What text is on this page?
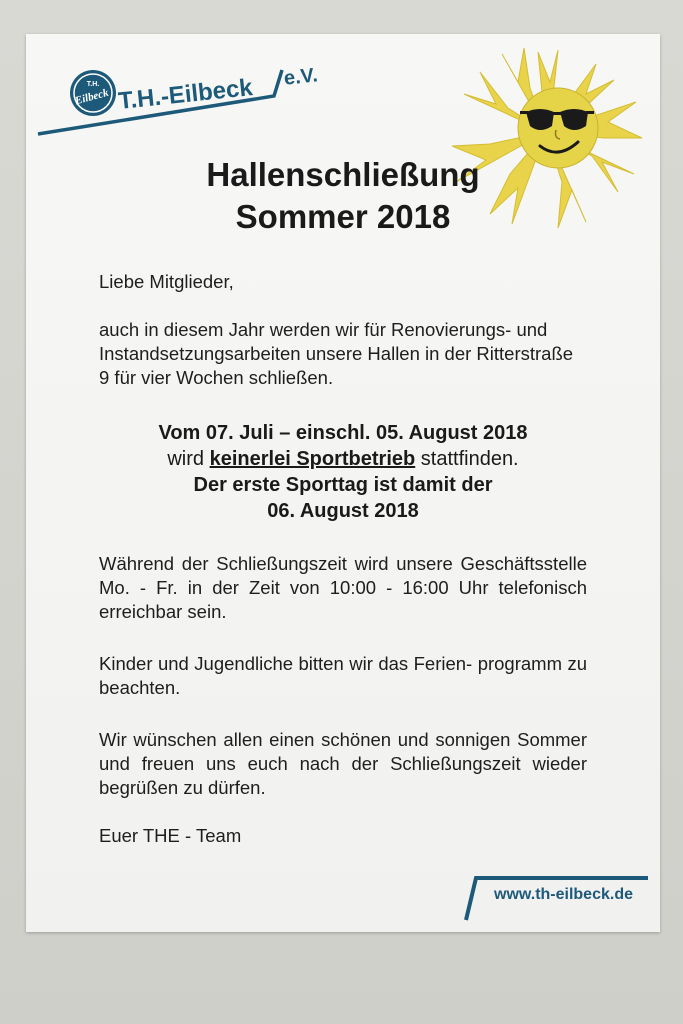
T.H.
Eilbeck T.H.-Eilbeck e.V.
Hallenschließung
Sommer 2018
Liebe Mitglieder,
auch in diesem Jahr werden wir für Renovierungs- und Instandsetzungsarbeiten unsere Hallen in der Ritterstraße 9 für vier Wochen schließen.
Vom 07. Juli – einschl. 05. August 2018
wird keinerlei Sportbetrieb stattfinden.
Der erste Sporttag ist damit der
06. August 2018
Während der Schließungszeit wird unsere Geschäftsstelle Mo. - Fr. in der Zeit von 10:00 - 16:00 Uhr telefonisch erreichbar sein.
Kinder und Jugendliche bitten wir das Ferien- programm zu beachten.
Wir wünschen allen einen schönen und sonnigen Sommer und freuen uns euch nach der Schließungszeit wieder begrüßen zu dürfen.
Euer THE - Team
www.th-eilbeck.de
